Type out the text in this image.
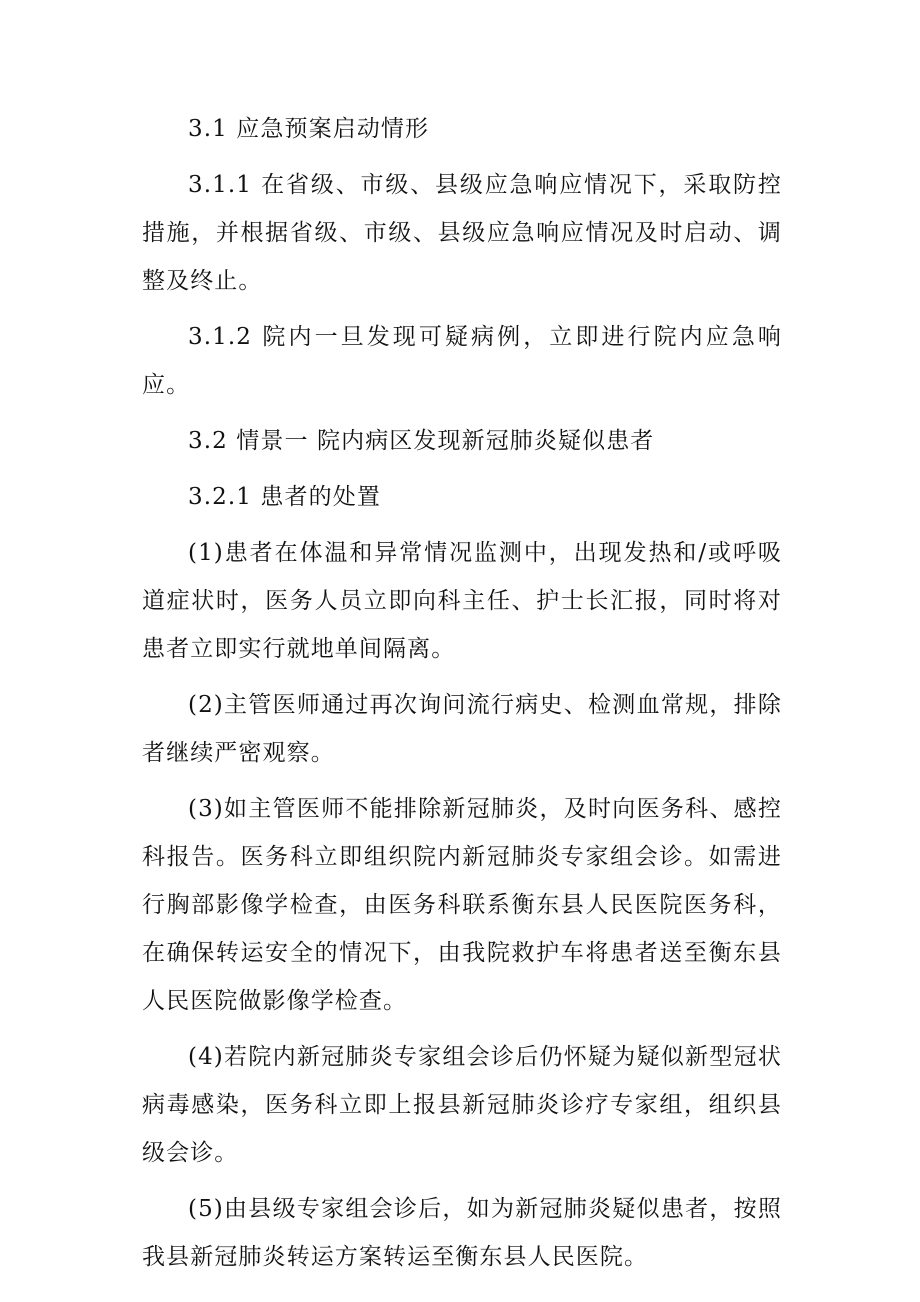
3.1 应急预案启动情形

3.1.1 在省级、市级、县级应急响应情况下，采取防控措施，并根据省级、市级、县级应急响应情况及时启动、调整及终止。

3.1.2 院内一旦发现可疑病例，立即进行院内应急响应。

3.2 情景一 院内病区发现新冠肺炎疑似患者

3.2.1 患者的处置

(1)患者在体温和异常情况监测中，出现发热和/或呼吸道症状时，医务人员立即向科主任、护士长汇报，同时将对患者立即实行就地单间隔离。

(2)主管医师通过再次询问流行病史、检测血常规，排除者继续严密观察。

(3)如主管医师不能排除新冠肺炎，及时向医务科、感控科报告。医务科立即组织院内新冠肺炎专家组会诊。如需进行胸部影像学检查，由医务科联系衡东县人民医院医务科，在确保转运安全的情况下，由我院救护车将患者送至衡东县人民医院做影像学检查。

(4)若院内新冠肺炎专家组会诊后仍怀疑为疑似新型冠状病毒感染，医务科立即上报县新冠肺炎诊疗专家组，组织县级会诊。

(5)由县级专家组会诊后，如为新冠肺炎疑似患者，按照我县新冠肺炎转运方案转运至衡东县人民医院。
